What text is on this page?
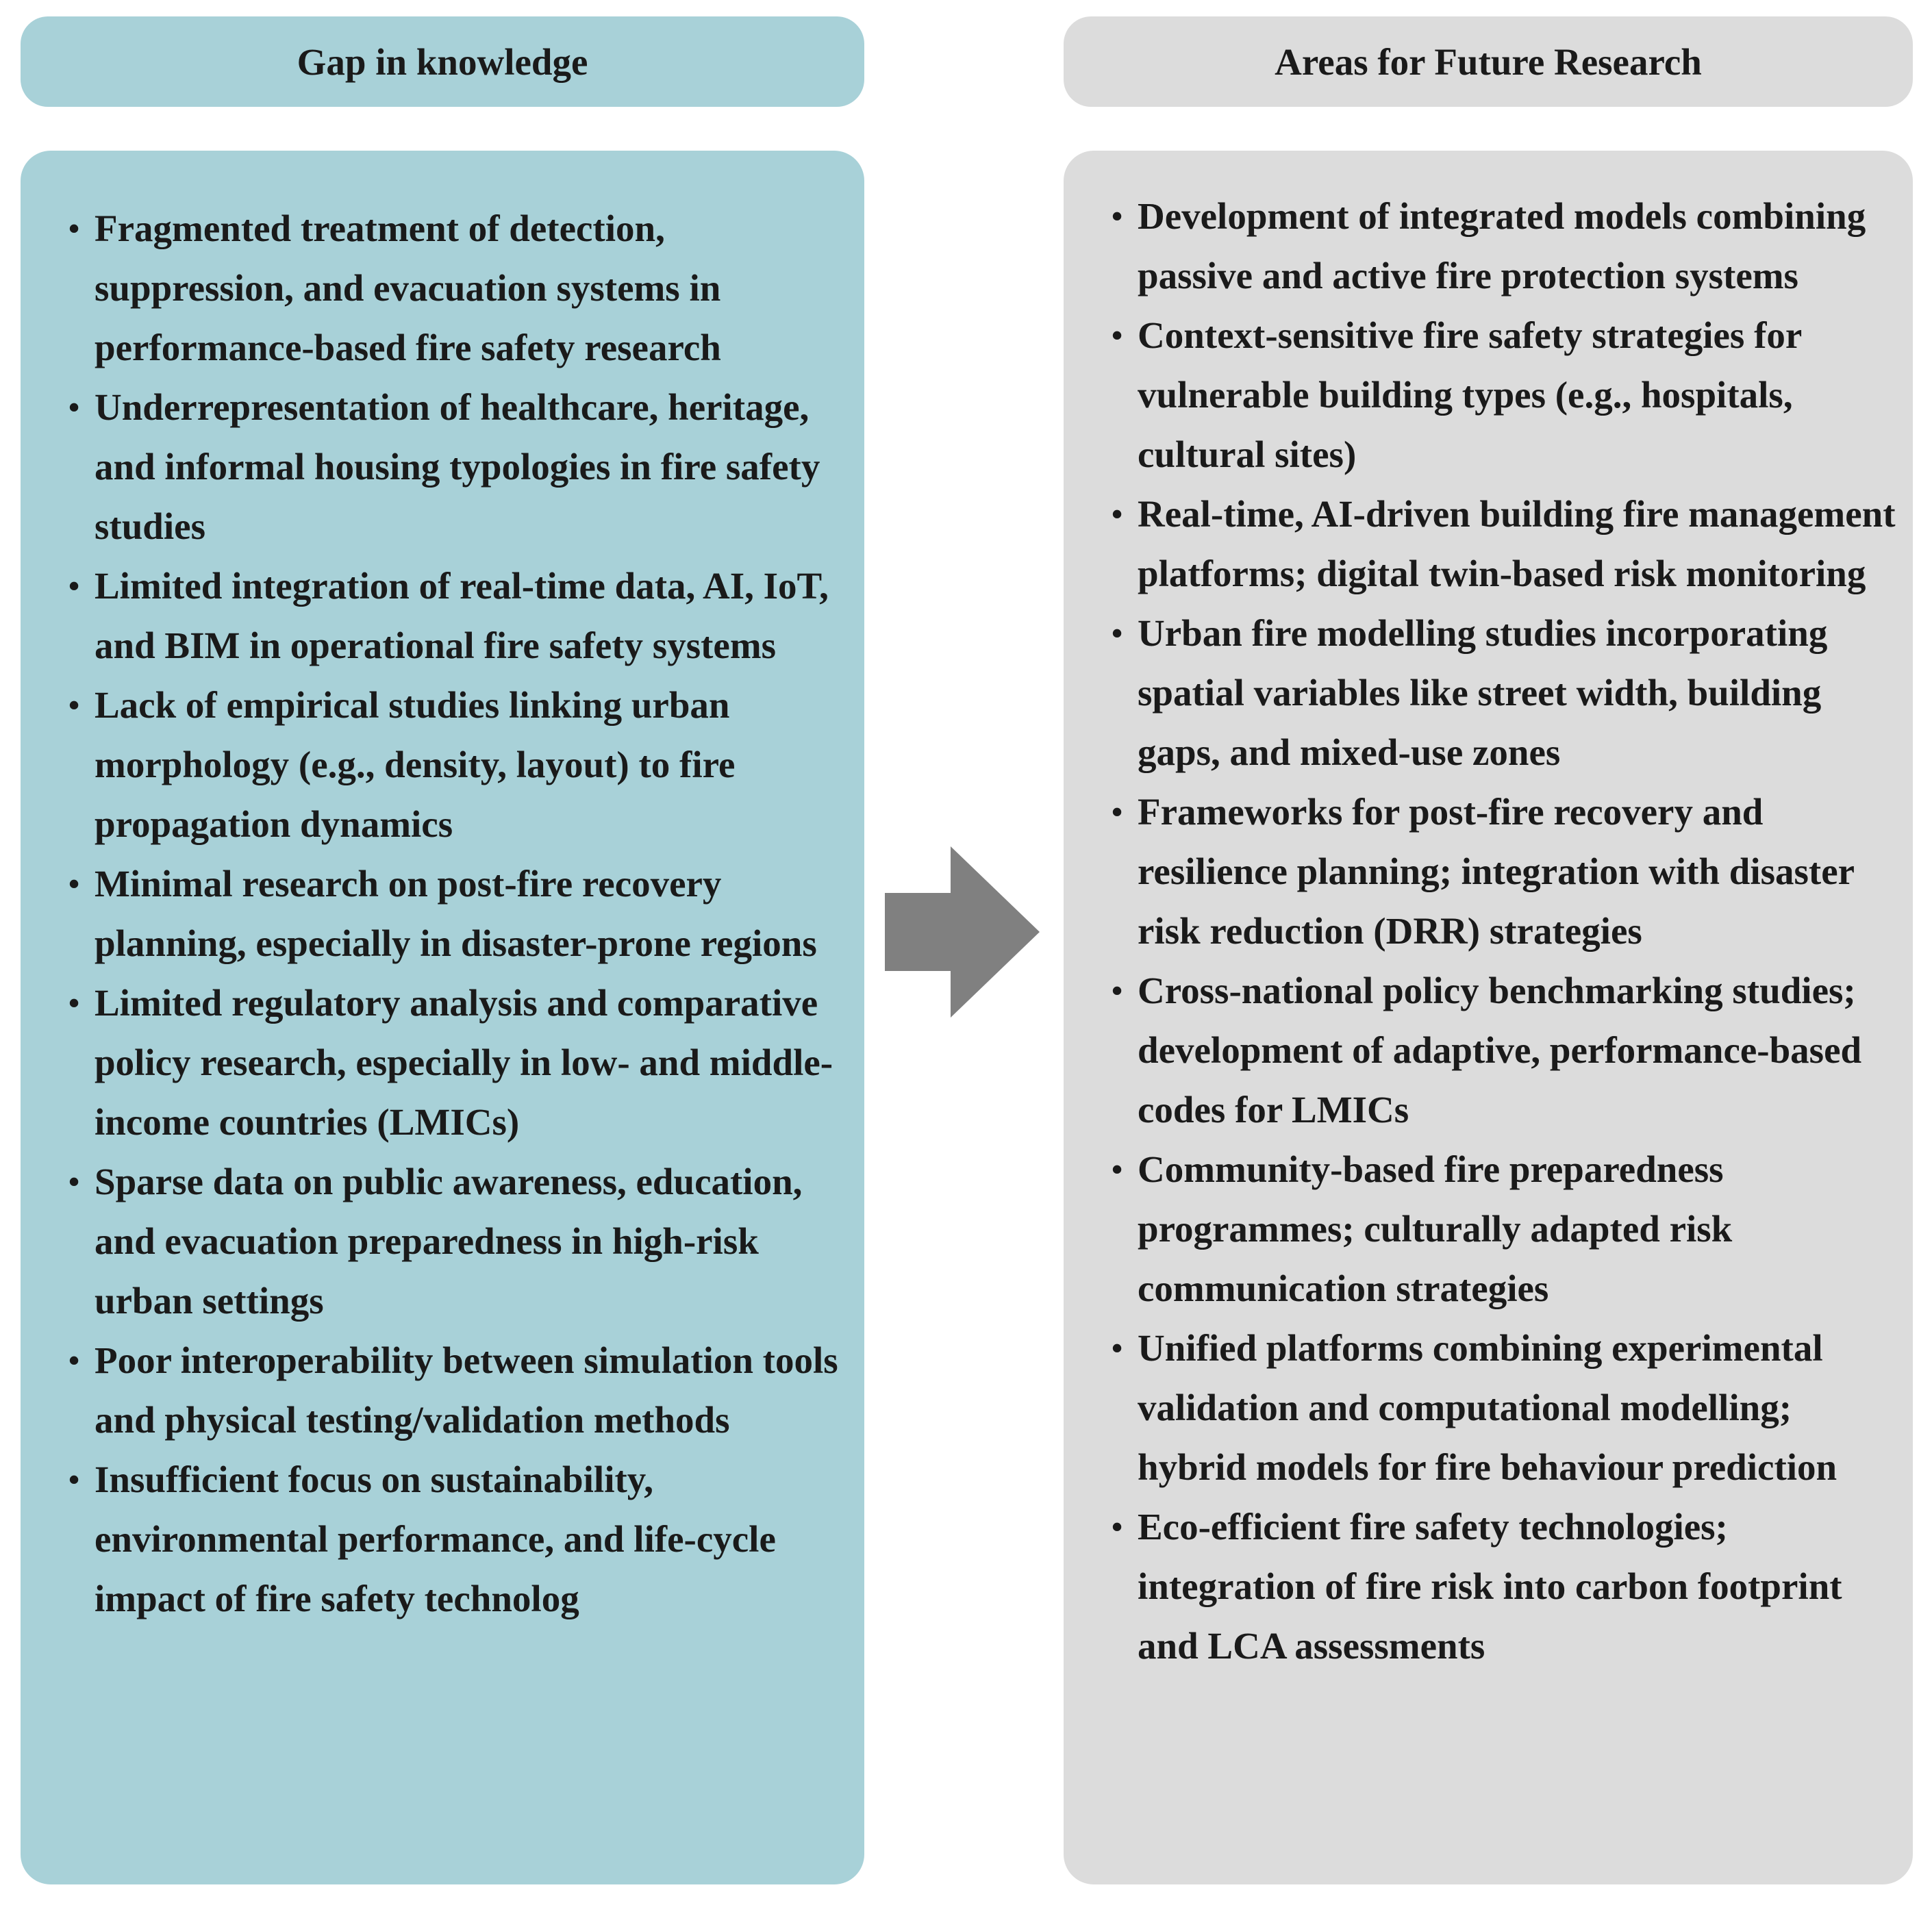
Gap in knowledge	Areas for Future Research
• Fragmented treatment of detection, suppression, and evacuation systems in performance-based fire safety research
• Underrepresentation of healthcare, heritage, and informal housing typologies in fire safety studies
• Limited integration of real-time data, AI, IoT, and BIM in operational fire safety systems
• Lack of empirical studies linking urban morphology (e.g., density, layout) to fire propagation dynamics
• Minimal research on post-fire recovery planning, especially in disaster-prone regions
• Limited regulatory analysis and comparative policy research, especially in low- and middle-income countries (LMICs)
• Sparse data on public awareness, education, and evacuation preparedness in high-risk urban settings
• Poor interoperability between simulation tools and physical testing/validation methods
• Insufficient focus on sustainability, environmental performance, and life-cycle impact of fire safety technolog
• Development of integrated models combining passive and active fire protection systems
• Context-sensitive fire safety strategies for vulnerable building types (e.g., hospitals, cultural sites)
• Real-time, AI-driven building fire management platforms; digital twin-based risk monitoring
• Urban fire modelling studies incorporating spatial variables like street width, building gaps, and mixed-use zones
• Frameworks for post-fire recovery and resilience planning; integration with disaster risk reduction (DRR) strategies
• Cross-national policy benchmarking studies; development of adaptive, performance-based codes for LMICs
• Community-based fire preparedness programmes; culturally adapted risk communication strategies
• Unified platforms combining experimental validation and computational modelling; hybrid models for fire behaviour prediction
• Eco-efficient fire safety technologies; integration of fire risk into carbon footprint and LCA assessments
